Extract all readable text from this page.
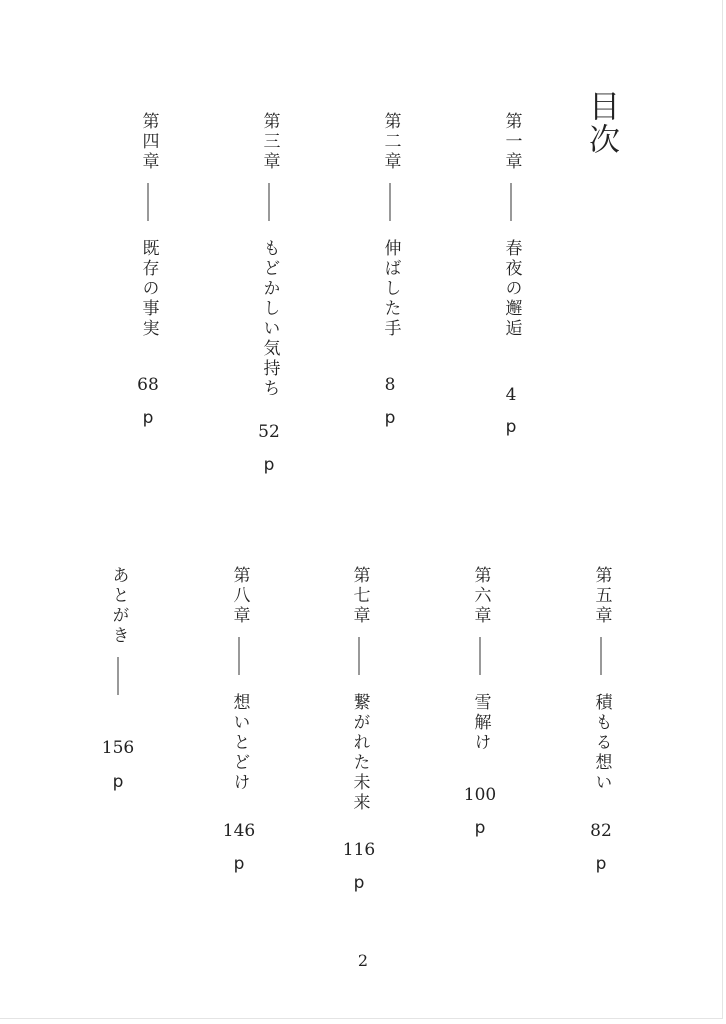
目次
第一章
春夜の邂逅
4
p
第二章
伸ばした手
8
p
第三章
もどかしい気持ち
52
p
第四章
既存の事実
68
p
第五章
積もる想い
82
p
第六章
雪解け
100
p
第七章
繋がれた未来
116
p
第八章
想いとどけ
146
p
あとがき
156
p
2
